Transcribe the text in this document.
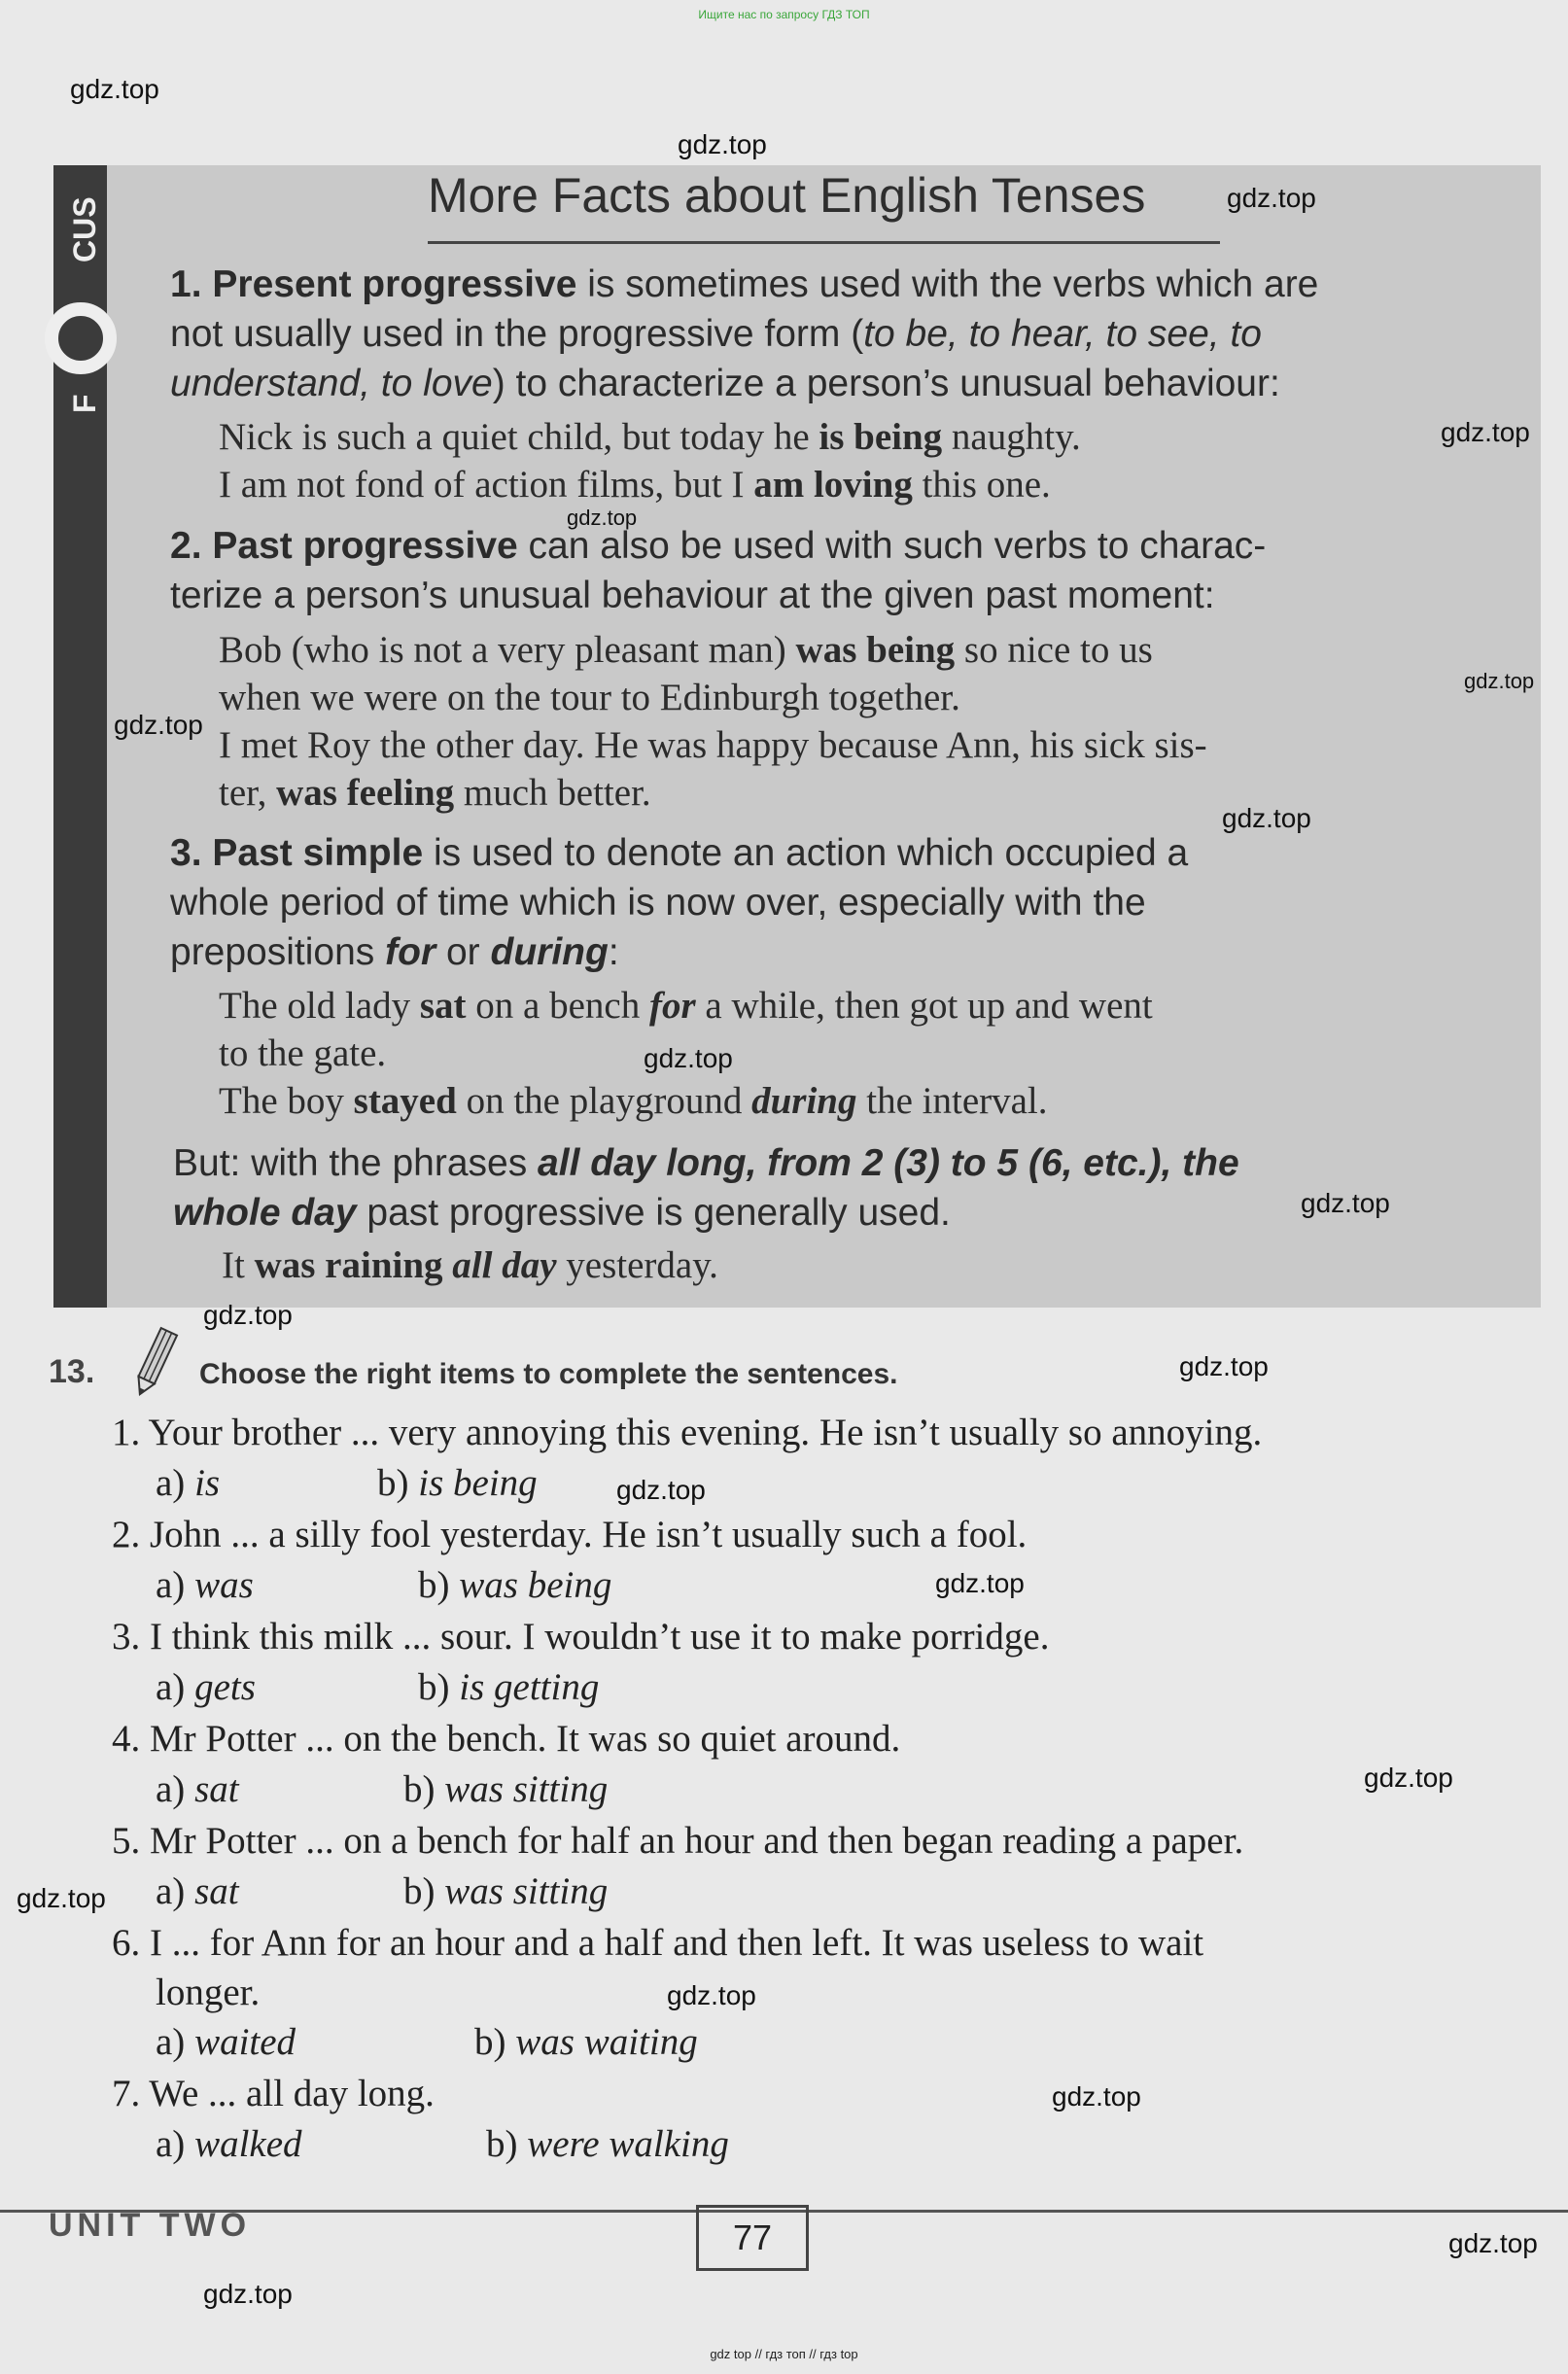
Ищите нас по запросу ГДЗ ТОП
F
CUS
More Facts about English Tenses
1. Present progressive is sometimes used with the verbs which are
not usually used in the progressive form (to be, to hear, to see, to
understand, to love) to characterize a person’s unusual behaviour:
Nick is such a quiet child, but today he is being naughty.
I am not fond of action films, but I am loving this one.
2. Past progressive can also be used with such verbs to charac-
terize a person’s unusual behaviour at the given past moment:
Bob (who is not a very pleasant man) was being so nice to us
when we were on the tour to Edinburgh together.
I met Roy the other day. He was happy because Ann, his sick sis-
ter, was feeling much better.
3. Past simple is used to denote an action which occupied a
whole period of time which is now over, especially with the
prepositions for or during:
The old lady sat on a bench for a while, then got up and went
to the gate.
The boy stayed on the playground during the interval.
But: with the phrases all day long, from 2 (3) to 5 (6, etc.), the
whole day past progressive is generally used.
It was raining all day yesterday.
13.	Choose the right items to complete the sentences.
1. Your brother ... very annoying this evening. He isn’t usually so annoying.
a) is	b) is being
2. John ... a silly fool yesterday. He isn’t usually such a fool.
a) was	b) was being
3. I think this milk ... sour. I wouldn’t use it to make porridge.
a) gets	b) is getting
4. Mr Potter ... on the bench. It was so quiet around.
a) sat	b) was sitting
5. Mr Potter ... on a bench for half an hour and then began reading a paper.
a) sat	b) was sitting
6. I ... for Ann for an hour and a half and then left. It was useless to wait
longer.
a) waited	b) was waiting
7. We ... all day long.
a) walked	b) were walking
UNIT TWO	77
gdz.top
gdz.top
gdz.top
gdz.top
gdz.top
gdz.top
gdz.top
gdz.top
gdz.top
gdz.top
gdz.top
gdz.top
gdz.top
gdz.top
gdz.top
gdz.top
gdz.top
gdz.top
gdz.top
gdz.top
gdz top // гдз топ // гдз top
